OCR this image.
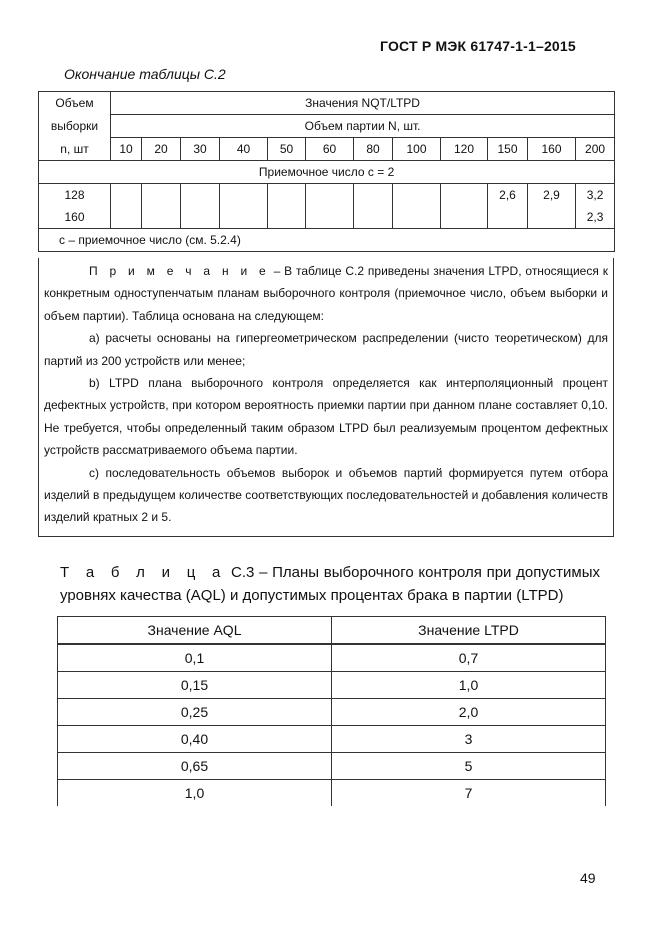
ГОСТ Р МЭК 61747-1-1–2015
Окончание таблицы С.2
Объем	Значения NQT/LTPD											
выборки	Объем партии N, шт.											
n, шт	10	20	30	40	50	60	80	100	120	150	160	200
Приемочное число c = 2												
128										2,6	2,9	3,2
160												2,3
c – приемочное число (см. 5.2.4)												

П р и м е ч а н и е – В таблице С.2 приведены значения LTPD, относящиеся к конкретным одноступенчатым планам выборочного контроля (приемочное число, объем выборки и объем партии). Таблица основана на следующем:

а) расчеты основаны на гипергеометрическом распределении (чисто теоретическом) для партий из 200 устройств или менее;

b) LTPD плана выборочного контроля определяется как интерполяционный процент дефектных устройств, при котором вероятность приемки партии при данном плане составляет 0,10. Не требуется, чтобы определенный таким образом LTPD был реализуемым процентом дефектных устройств рассматриваемого объема партии.

с) последовательность объемов выборок и объемов партий формируется путем отбора изделий в предыдущем количестве соответствующих последовательностей и добавления количеств изделий кратных 2 и 5.

Т а б л и ц а С.3 – Планы выборочного контроля при допустимых уровнях качества (AQL) и допустимых процентах брака в партии (LTPD)
Значение AQL	Значение LTPD
0,1	0,7
0,15	1,0
0,25	2,0
0,40	3
0,65	5
1,0	7
49
